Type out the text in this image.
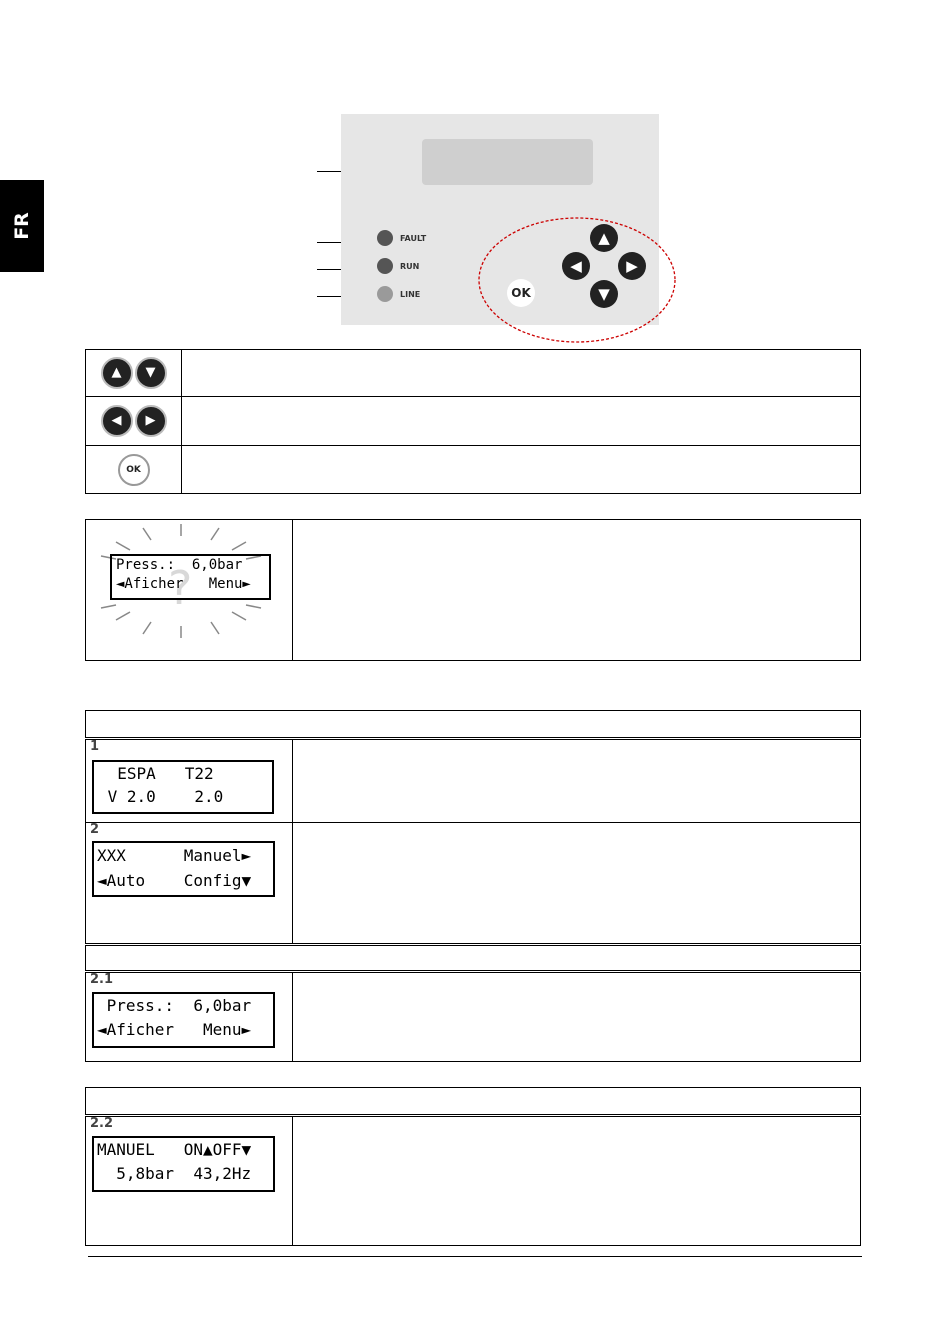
FR	FAULT
RUN
LINE
▲
◀	▶
▼
OK
▲ ▼	
◀ ▶	
OK	
?
Press.:  6,0bar
◄Aficher   Menu►

1
ESPA   T22
V 2.0    2.0	

2
XXX      Manuel►
◄Auto    Config▼	

2.1
Press.:  6,0bar
◄Aficher   Menu►	

2.2
MANUEL   ON▲OFF▼
5,8bar  43,2Hz
